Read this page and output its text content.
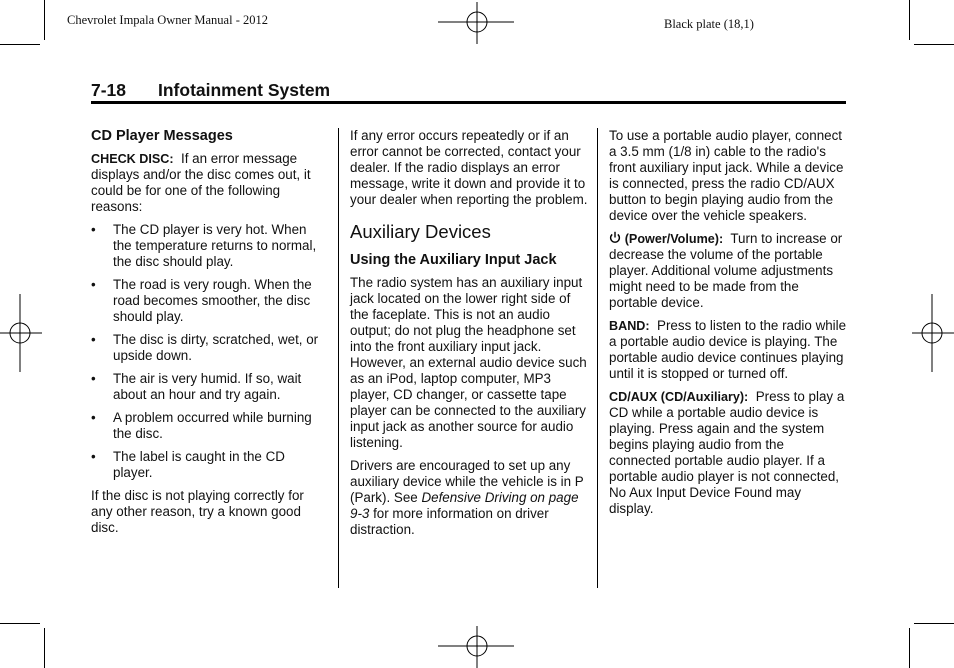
Chevrolet Impala Owner Manual - 2012	Black plate (18,1)
7-18 Infotainment System
CD Player Messages

CHECK DISC: If an error message displays and/or the disc comes out, it could be for one of the following reasons:

• The CD player is very hot. When the temperature returns to normal, the disc should play.
• The road is very rough. When the road becomes smoother, the disc should play.
• The disc is dirty, scratched, wet, or upside down.
• The air is very humid. If so, wait about an hour and try again.
• A problem occurred while burning the disc.
• The label is caught in the CD player.

If the disc is not playing correctly for any other reason, try a known good disc.

If any error occurs repeatedly or if an error cannot be corrected, contact your dealer. If the radio displays an error message, write it down and provide it to your dealer when reporting the problem.

Auxiliary Devices
Using the Auxiliary Input Jack

The radio system has an auxiliary input jack located on the lower right side of the faceplate. This is not an audio output; do not plug the headphone set into the front auxiliary input jack. However, an external audio device such as an iPod, laptop computer, MP3 player, CD changer, or cassette tape player can be connected to the auxiliary input jack as another source for audio listening.

Drivers are encouraged to set up any auxiliary device while the vehicle is in P (Park). See Defensive Driving on page 9-3 for more information on driver distraction.

To use a portable audio player, connect a 3.5 mm (1/8 in) cable to the radio's front auxiliary input jack. While a device is connected, press the radio CD/AUX button to begin playing audio from the device over the vehicle speakers.

(Power/Volume): Turn to increase or decrease the volume of the portable player. Additional volume adjustments might need to be made from the portable device.

BAND: Press to listen to the radio while a portable audio device is playing. The portable audio device continues playing until it is stopped or turned off.

CD/AUX (CD/Auxiliary): Press to play a CD while a portable audio device is playing. Press again and the system begins playing audio from the connected portable audio player. If a portable audio player is not connected, No Aux Input Device Found may display.
